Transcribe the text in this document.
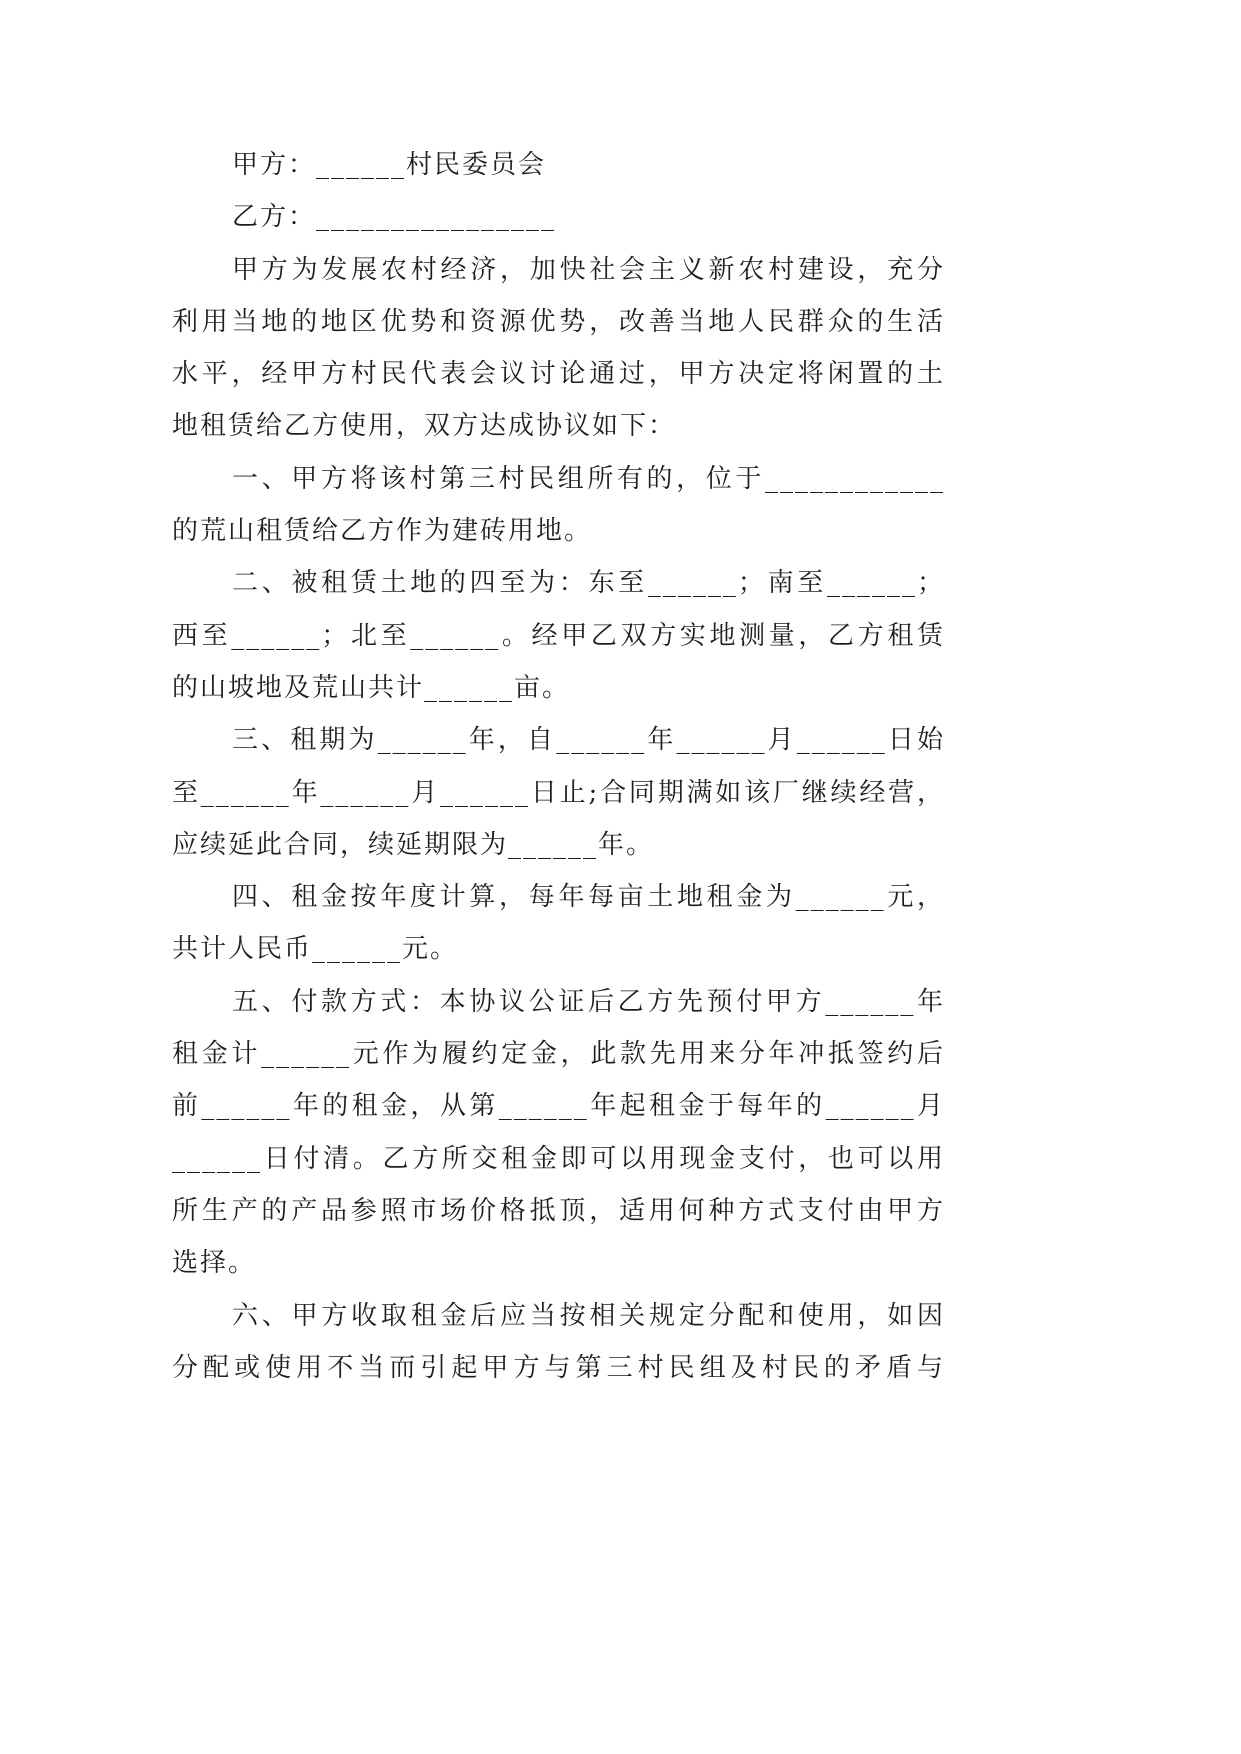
甲方：______村民委员会
乙方：________________
甲方为发展农村经济，加快社会主义新农村建设，充分
利用当地的地区优势和资源优势，改善当地人民群众的生活
水平，经甲方村民代表会议讨论通过，甲方决定将闲置的土
地租赁给乙方使用，双方达成协议如下：
一、甲方将该村第三村民组所有的，位于____________
的荒山租赁给乙方作为建砖用地。
二、被租赁土地的四至为：东至______；南至______；
西至______；北至______。经甲乙双方实地测量，乙方租赁
的山坡地及荒山共计______亩。
三、租期为______年，自______年______月______日始
至______年______月______日止;合同期满如该厂继续经营，
应续延此合同，续延期限为______年。
四、租金按年度计算，每年每亩土地租金为______元，
共计人民币______元。
五、付款方式：本协议公证后乙方先预付甲方______年
租金计______元作为履约定金，此款先用来分年冲抵签约后
前______年的租金，从第______年起租金于每年的______月
______日付清。乙方所交租金即可以用现金支付，也可以用
所生产的产品参照市场价格抵顶，适用何种方式支付由甲方
选择。
六、甲方收取租金后应当按相关规定分配和使用，如因
分配或使用不当而引起甲方与第三村民组及村民的矛盾与
